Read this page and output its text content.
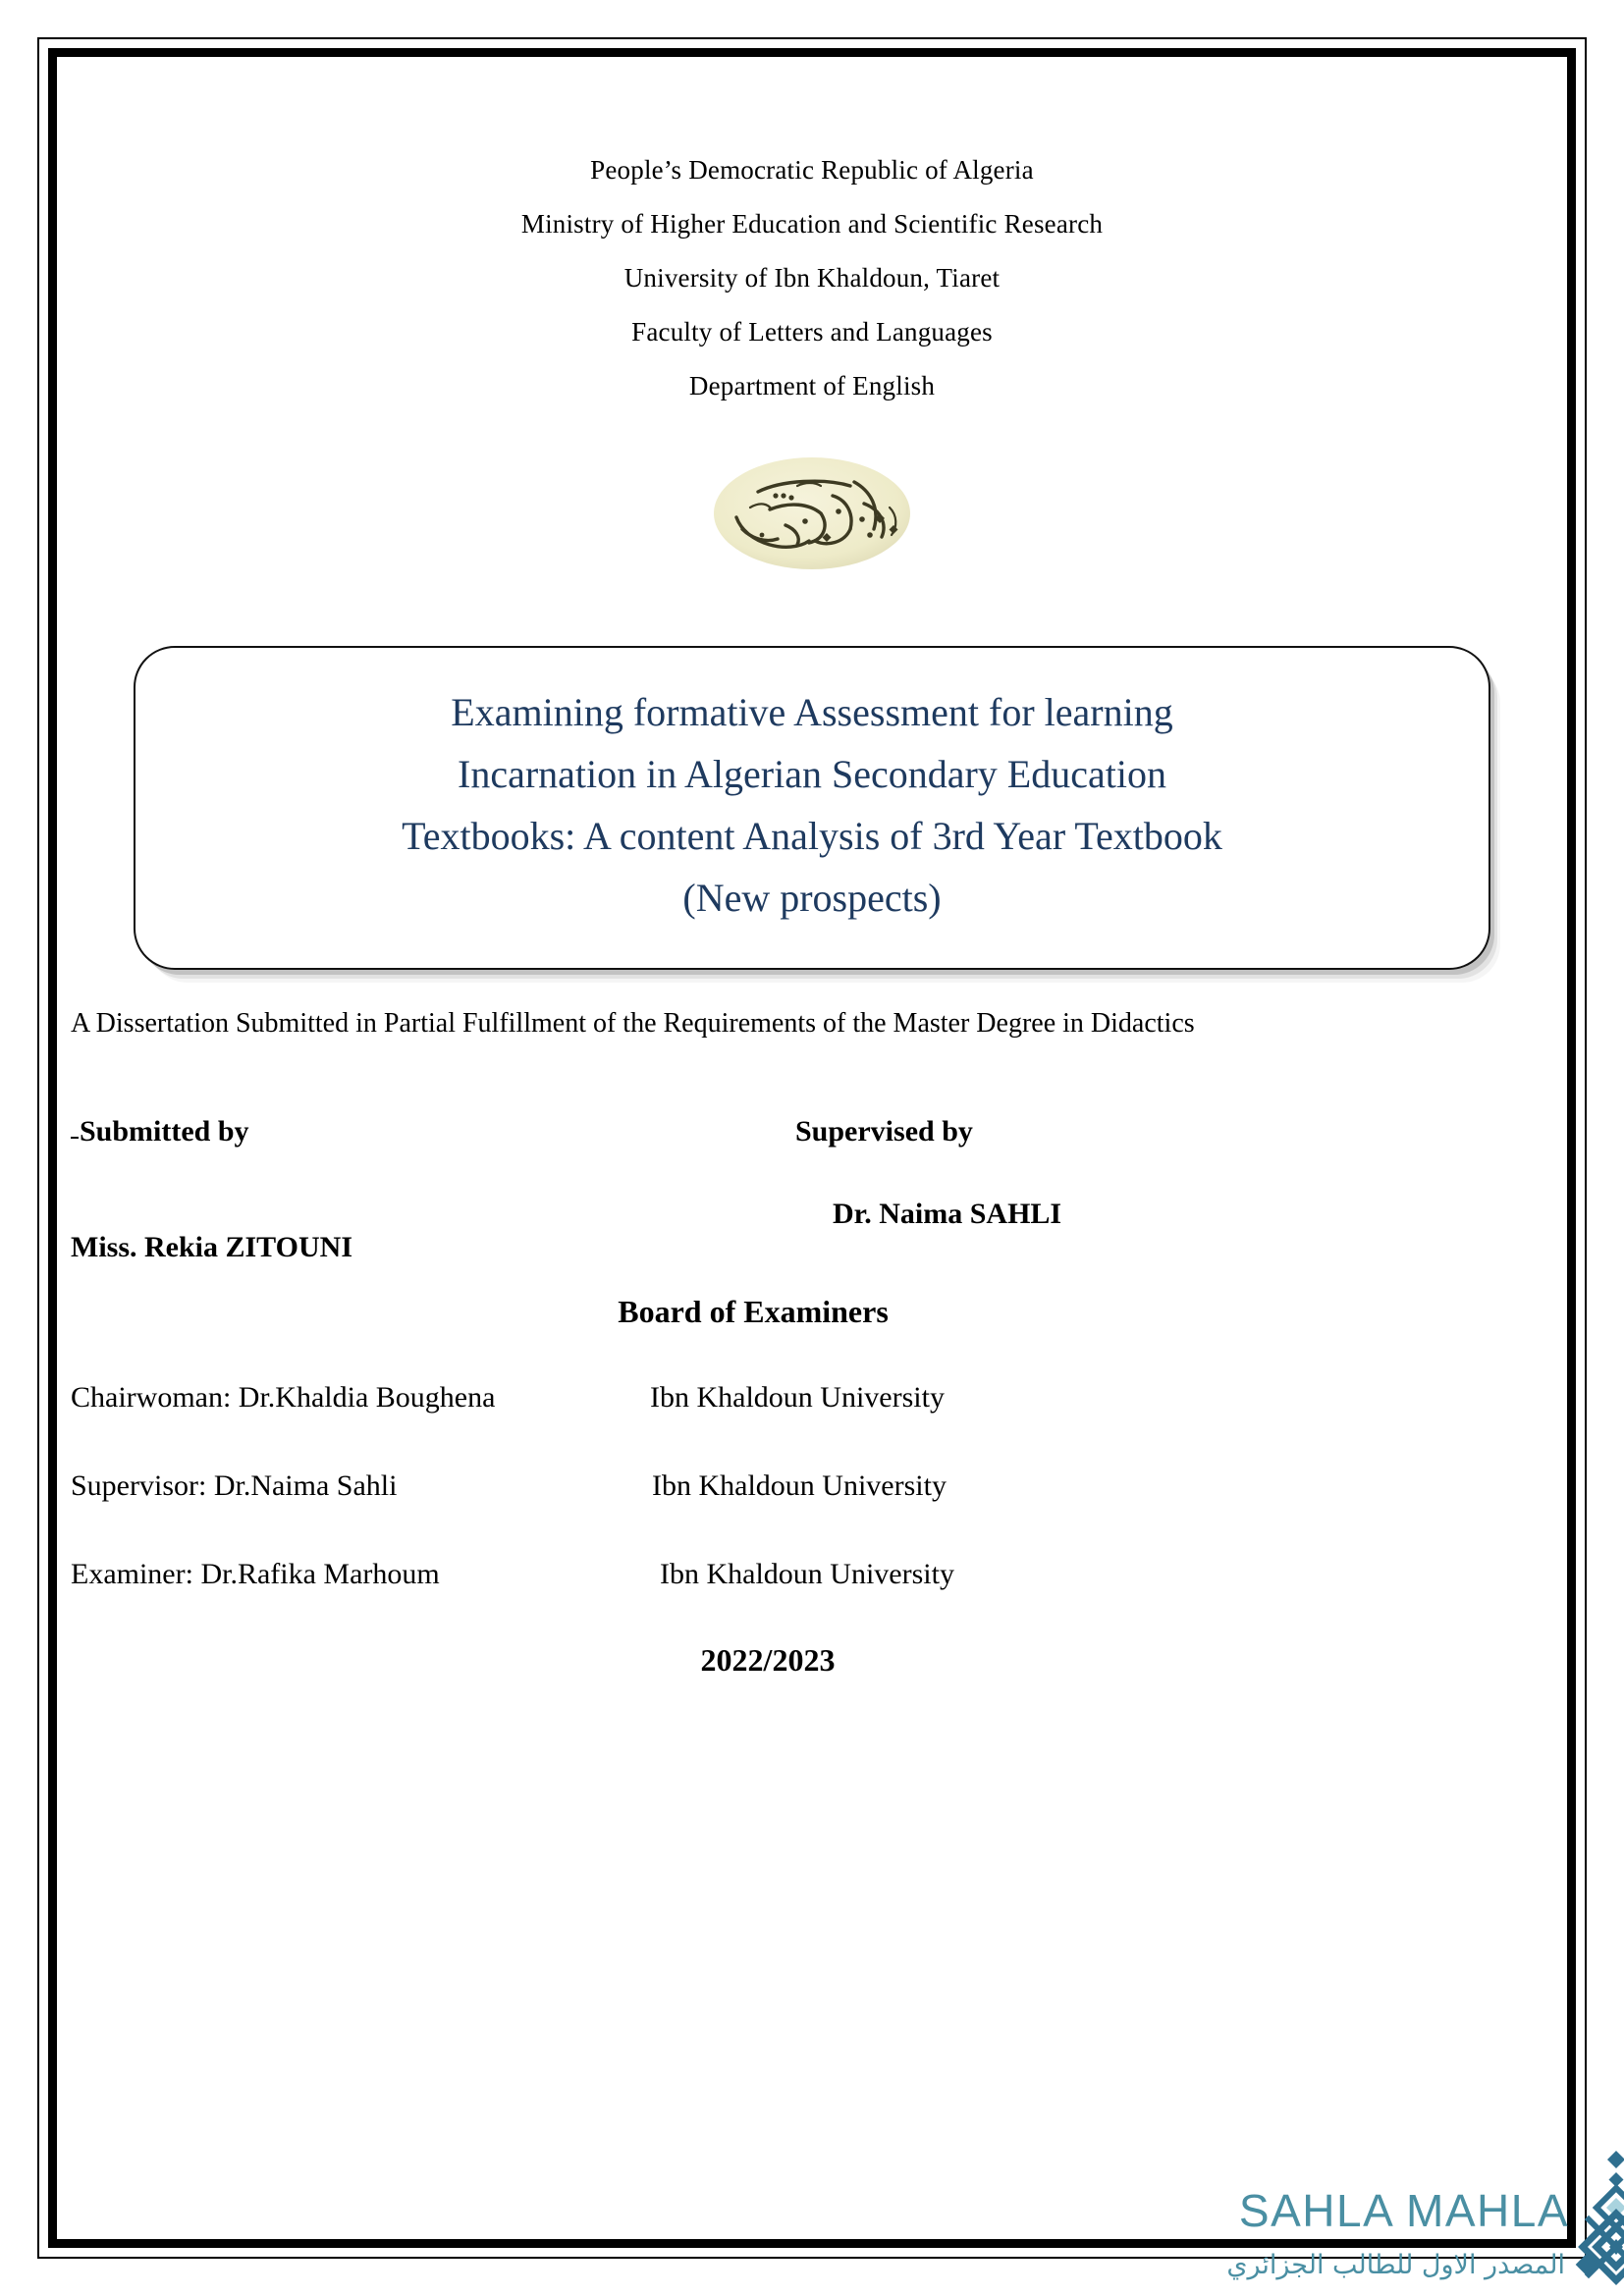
People’s Democratic Republic of Algeria
Ministry of Higher Education and Scientific Research
University of Ibn Khaldoun, Tiaret
Faculty of Letters and Languages
Department of English
Examining formative Assessment for learning
Incarnation in Algerian Secondary Education
Textbooks: A content Analysis of 3rd Year Textbook
(New prospects)
A Dissertation Submitted in Partial Fulfillment of the Requirements of the Master Degree in Didactics
Submitted by	Supervised by
Dr. Naima SAHLI
Miss. Rekia ZITOUNI
Board of Examiners
Chairwoman: Dr.Khaldia Boughena	Ibn Khaldoun University
Supervisor: Dr.Naima Sahli	Ibn Khaldoun University
Examiner: Dr.Rafika Marhoum	Ibn Khaldoun University
2022/2023
SAHLA MAHLA
المصدر الاول للطالب الجزائري
